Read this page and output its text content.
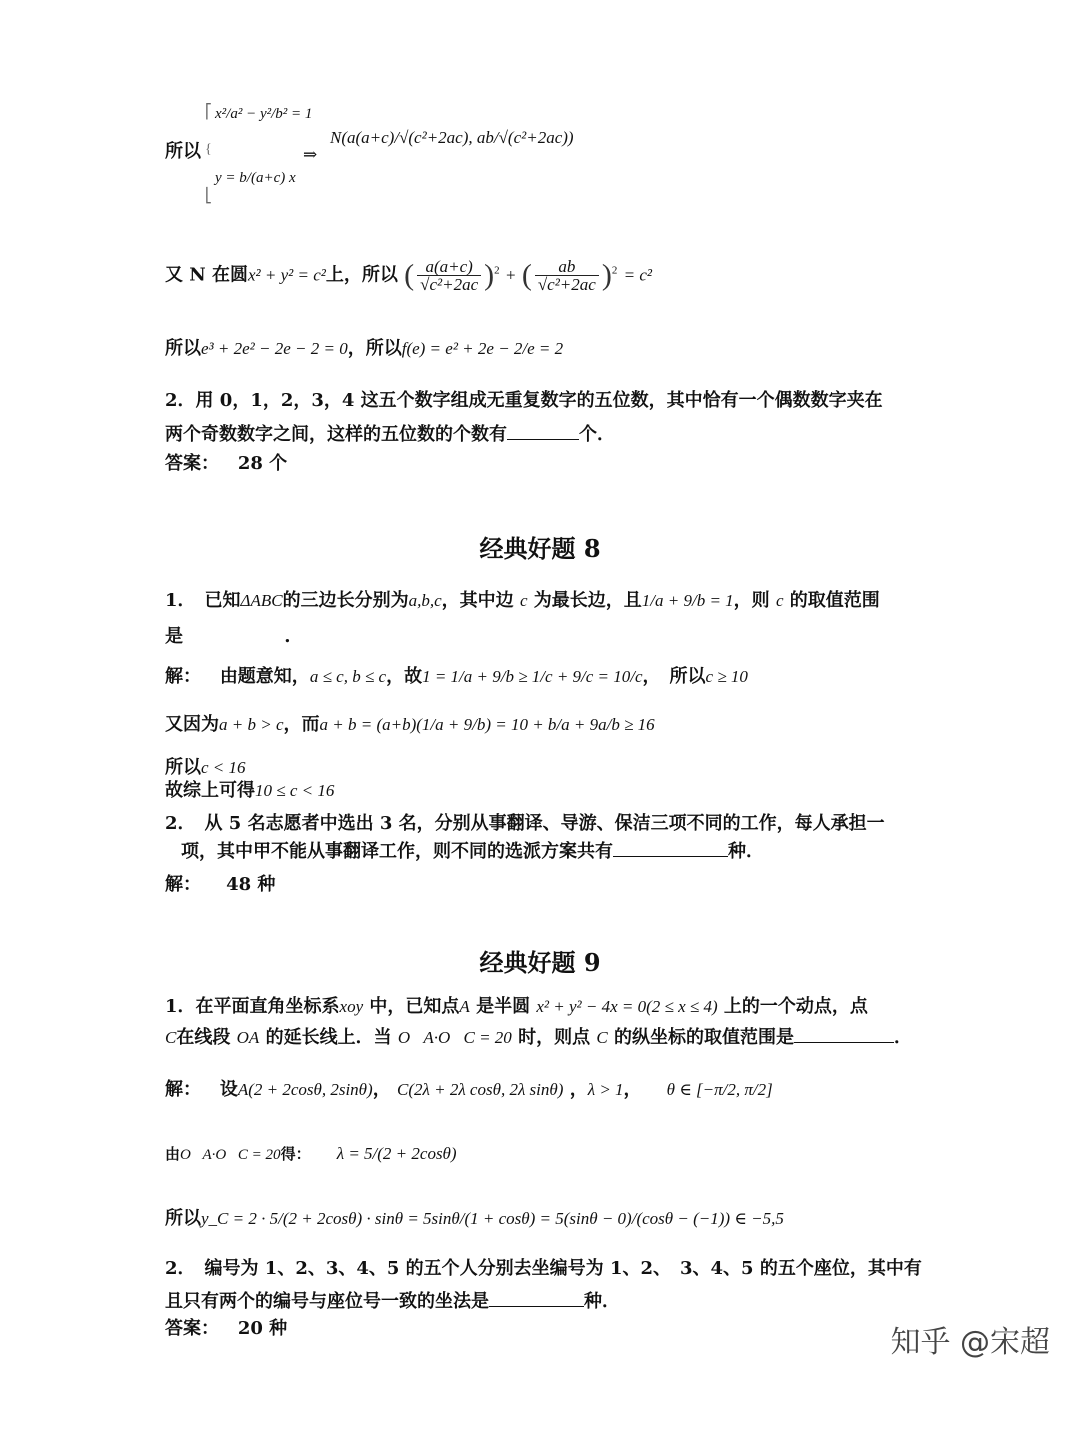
所以
⎡
{
⎣
x²/a² − y²/b² = 1
y = b/(a+c) x
⇒
N(a(a+c)/√(c²+2ac), ab/√(c²+2ac))
又 N 在圆x² + y² = c²上，所以 ( $\frac{a(a+c)}{\text{√c²+2ac}} )^2$ + ( $\frac{ab}{\text{√c²+2ac}} )^2 = c^2$
所以e³ + 2e² − 2e − 2 = 0，所以f(e) = e² + 2e − 2/e = 2
2．用 0，1，2，3，4 这五个数字组成无重复数字的五位数，其中恰有一个偶数数字夹在
两个奇数数字之间，这样的五位数的个数有	个．
答案： 28 个
经典好题 8
1．　已知ΔABC的三边长分别为a,b,c，其中边 c 为最长边，且1/a + 9/b = 1，则 c 的取值范围
是	.
解： 由题意知，a ≤ c, b ≤ c，故1 = 1/a + 9/b ≥ 1/c + 9/c = 10/c，　所以c ≥ 10
又因为a + b > c，而a + b = (a+b)(1/a + 9/b) = 10 + b/a + 9a/b ≥ 16
所以c < 16
故综上可得10 ≤ c < 16
2．　从 5 名志愿者中选出 3 名，分别从事翻译、导游、保洁三项不同的工作，每人承担一
项，其中甲不能从事翻译工作，则不同的选派方案共有	种．
解： 48 种
经典好题 9
1．在平面直角坐标系xoy 中，已知点A 是半圆 x² + y² − 4x = 0(2 ≤ x ≤ 4) 上的一个动点，点
C在线段 OA 的延长线上．当 O⃗A·O⃗C = 20 时，则点 C 的纵坐标的取值范围是	．
解： 设A(2 + 2cosθ, 2sinθ)， C(2λ + 2λ cosθ, 2λ sinθ) ，λ > 1， θ ∈ [−π/2, π/2]
由O⃗A·O⃗C = 20得： λ = 5/(2 + 2cosθ)
所以y_C = 2 · 5/(2 + 2cosθ) · sinθ = 5sinθ/(1 + cosθ) = 5(sinθ − 0)/(cosθ − (−1)) ∈ −5,5
2．　编号为 1、2、3、4、5 的五个人分别去坐编号为 1、2、　3、4、5 的五个座位，其中有
且只有两个的编号与座位号一致的坐法是	种．
答案： 20 种	知乎 @宋超
